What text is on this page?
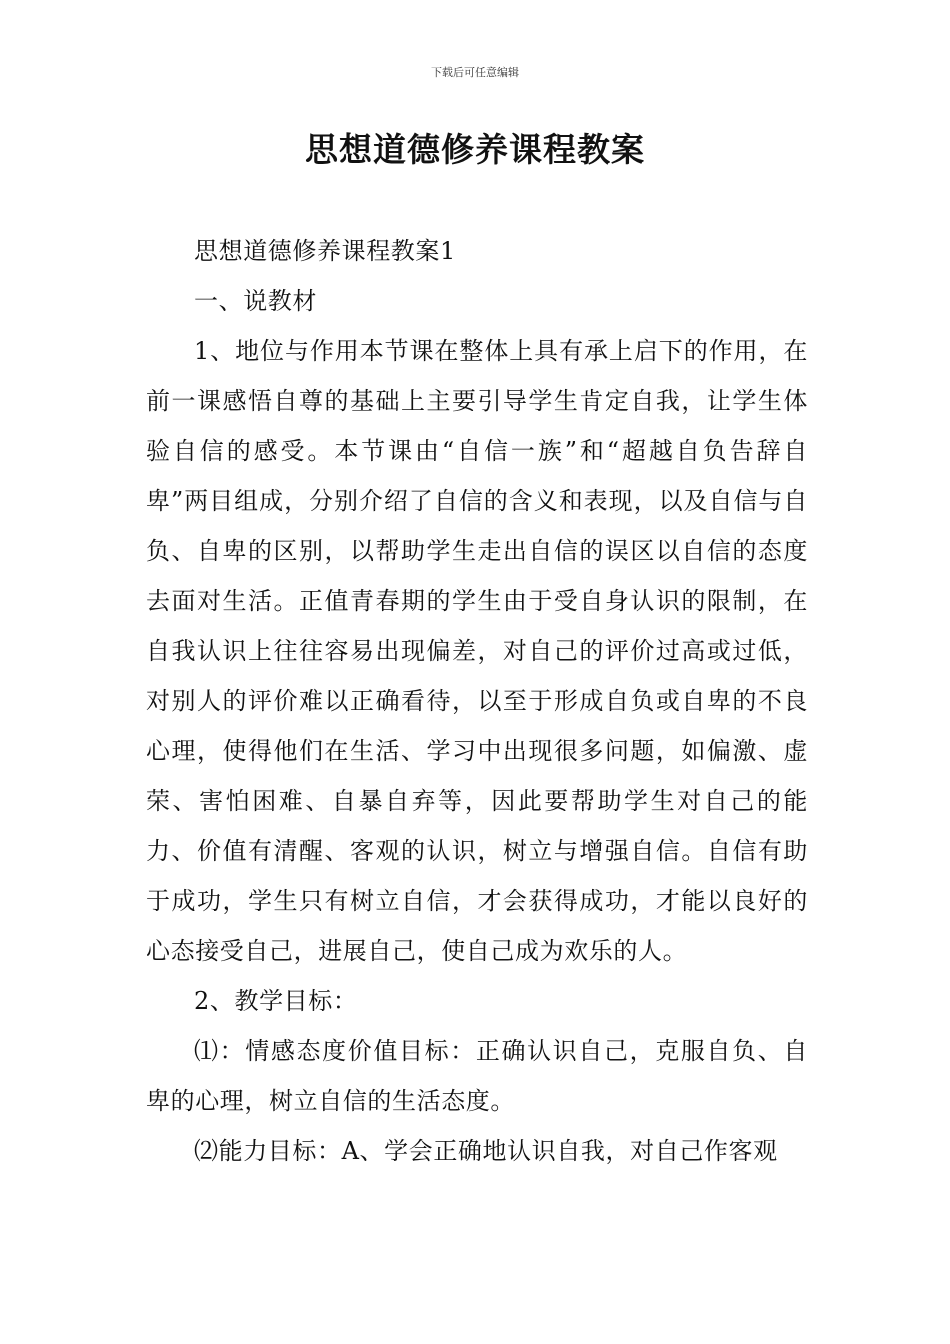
下载后可任意编辑
思想道德修养课程教案

思想道德修养课程教案1

一、说教材

1、地位与作用本节课在整体上具有承上启下的作用，在前一课感悟自尊的基础上主要引导学生肯定自我，让学生体验自信的感受。本节课由“自信一族”和“超越自负告辞自卑”两目组成，分别介绍了自信的含义和表现，以及自信与自负、自卑的区别，以帮助学生走出自信的误区以自信的态度去面对生活。正值青春期的学生由于受自身认识的限制，在自我认识上往往容易出现偏差，对自己的评价过高或过低，对别人的评价难以正确看待，以至于形成自负或自卑的不良心理，使得他们在生活、学习中出现很多问题，如偏激、虚荣、害怕困难、自暴自弃等，因此要帮助学生对自己的能力、价值有清醒、客观的认识，树立与增强自信。自信有助于成功，学生只有树立自信，才会获得成功，才能以良好的心态接受自己，进展自己，使自己成为欢乐的人。

2、教学目标：

⑴：情感态度价值目标：正确认识自己，克服自负、自卑的心理，树立自信的生活态度。

⑵能力目标：A、学会正确地认识自我，对自己作客观
